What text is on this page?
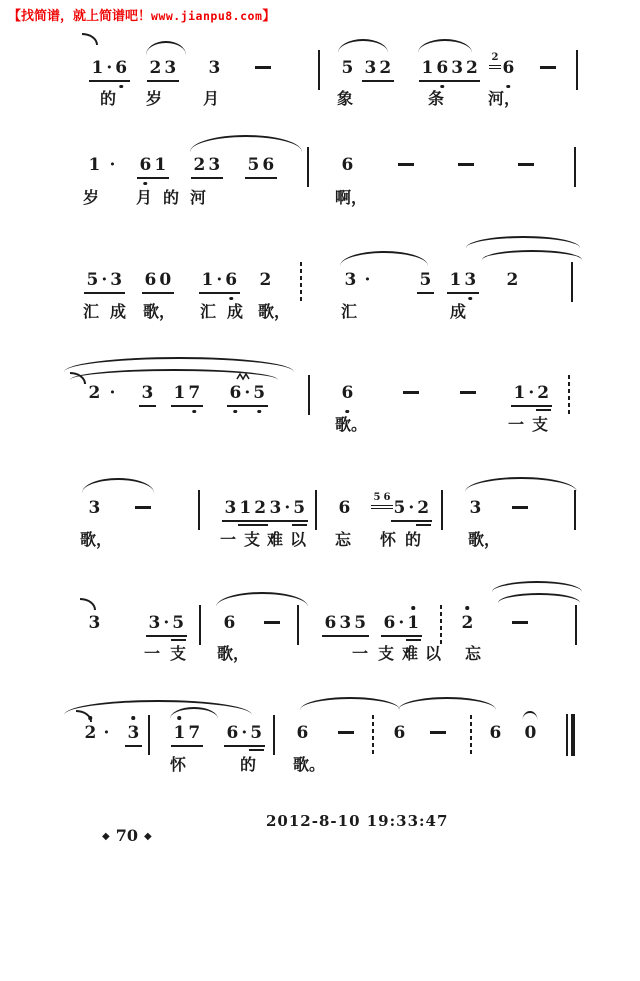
【找简谱，就上简谱吧！www.jianpu8.com】
1 · 6 2 3 3	5 3 2 1 6 3 2
2
6
的 岁	月	象	条	河，
1 · 6 1 2 3 5 6	6
岁 月 的 河	啊，
5 · 3 6 0 1 · 6 2	3 ·	5 1 3 2
汇 成 歌， 汇 成 歌，	汇	成
2 · 3 1 7 6 · 5	6	1 · 2
歌。	一 支
3	3 1 2 3 · 5 6
5 6
5 · 2 3
歌，	一 支 难 以 忘 怀 的	歌，
3	3 · 5 6	6 3 5 6 · 1 2
一 支 歌，	一 支 难 以 忘
2 · 3 1 7 6 · 5 6	6	6 0
怀	的 歌。
2012-8-10 19:33:47
◆ 70 ◆
